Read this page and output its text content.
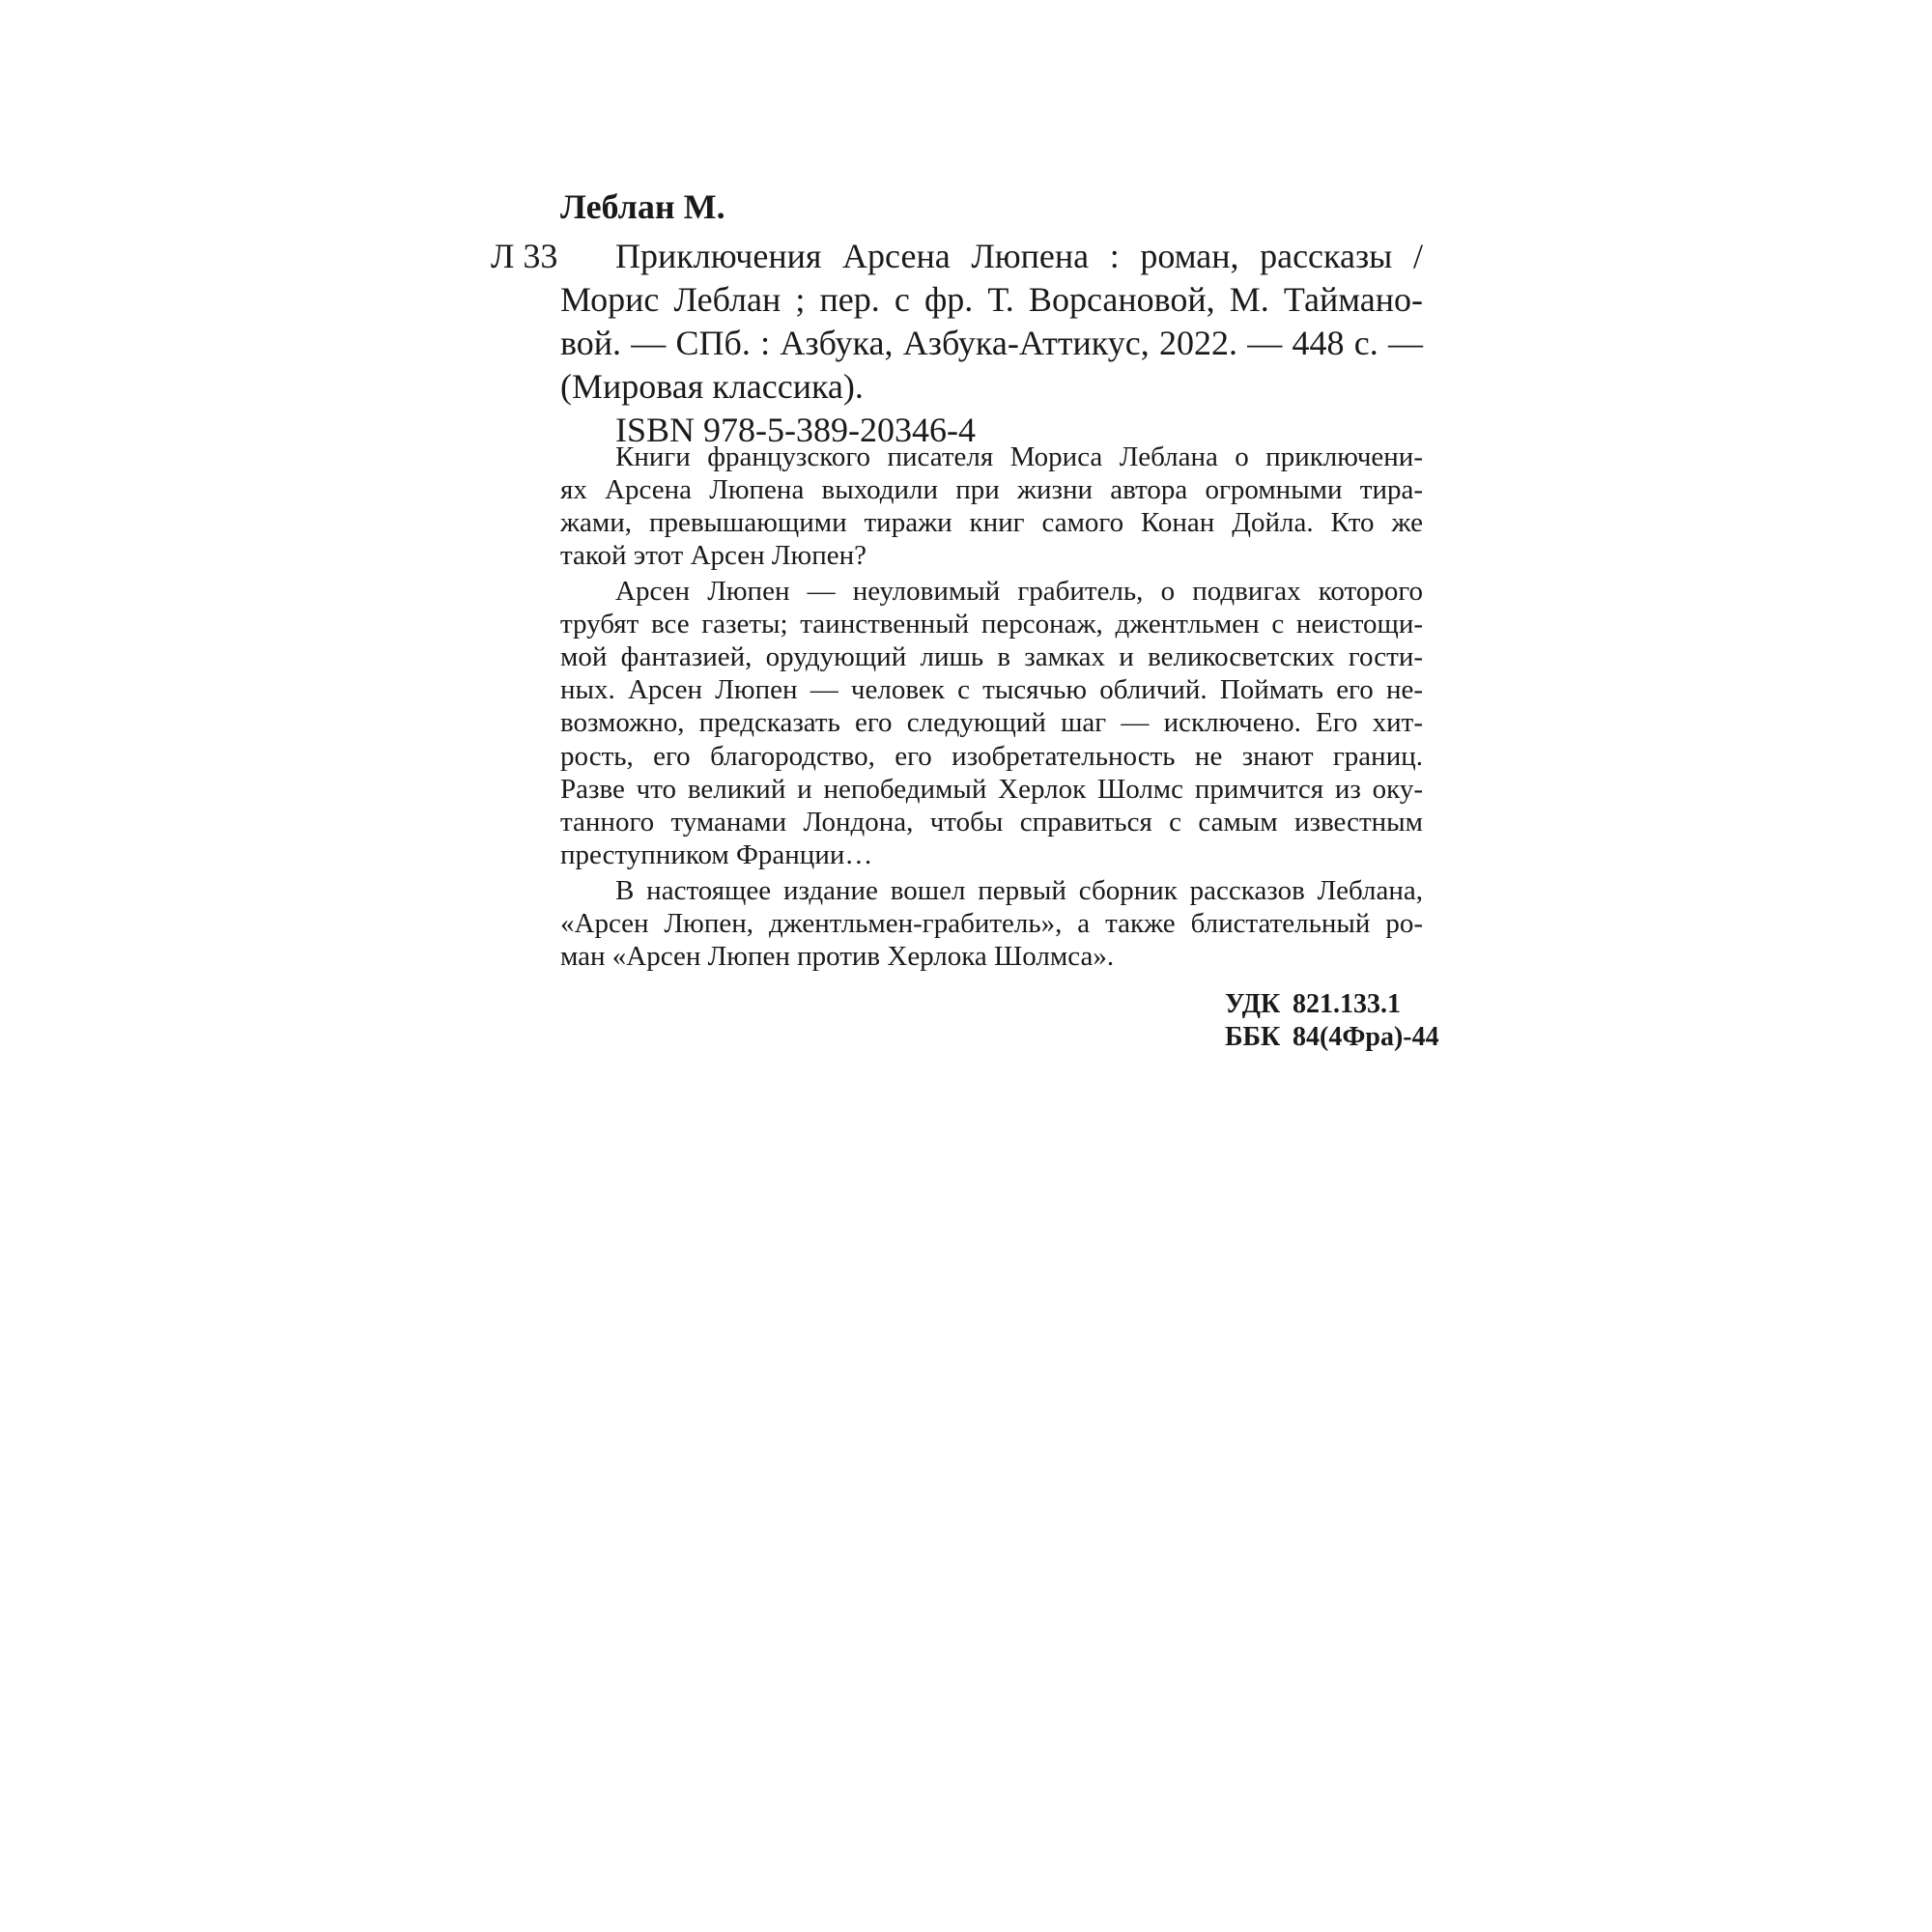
Леблан М.
Л 33 Приключения Арсена Люпена : роман, рассказы /
Морис Леблан ; пер. с фр. Т. Ворсановой, М. Тайманo-
вой. — СПб. : Азбука, Азбука-Аттикус, 2022. — 448 с. —
(Мировая классика).
ISBN 978-5-389-20346-4
Книги французского писателя Мориса Леблана о приключени-
ях Арсена Люпена выходили при жизни автора огромными тира-
жами, превышающими тиражи книг самого Конан Дойла. Кто же
такой этот Арсен Люпен?
Арсен Люпен — неуловимый грабитель, о подвигах которого
трубят все газеты; таинственный персонаж, джентльмен с неистощи-
мой фантазией, орудующий лишь в замках и великосветских гости-
ных. Арсен Люпен — человек с тысячью обличий. Поймать его не-
возможно, предсказать его следующий шаг — исключено. Его хит-
рость, его благородство, его изобретательность не знают границ.
Разве что великий и непобедимый Херлок Шолмс примчится из оку-
танного туманами Лондона, чтобы справиться с самым известным
преступником Франции…
В настоящее издание вошел первый сборник рассказов Леблана,
«Арсен Люпен, джентльмен-грабитель», а также блистательный ро-
ман «Арсен Люпен против Херлока Шолмса».
УДК 821.133.1
ББК 84(4Фра)-44
